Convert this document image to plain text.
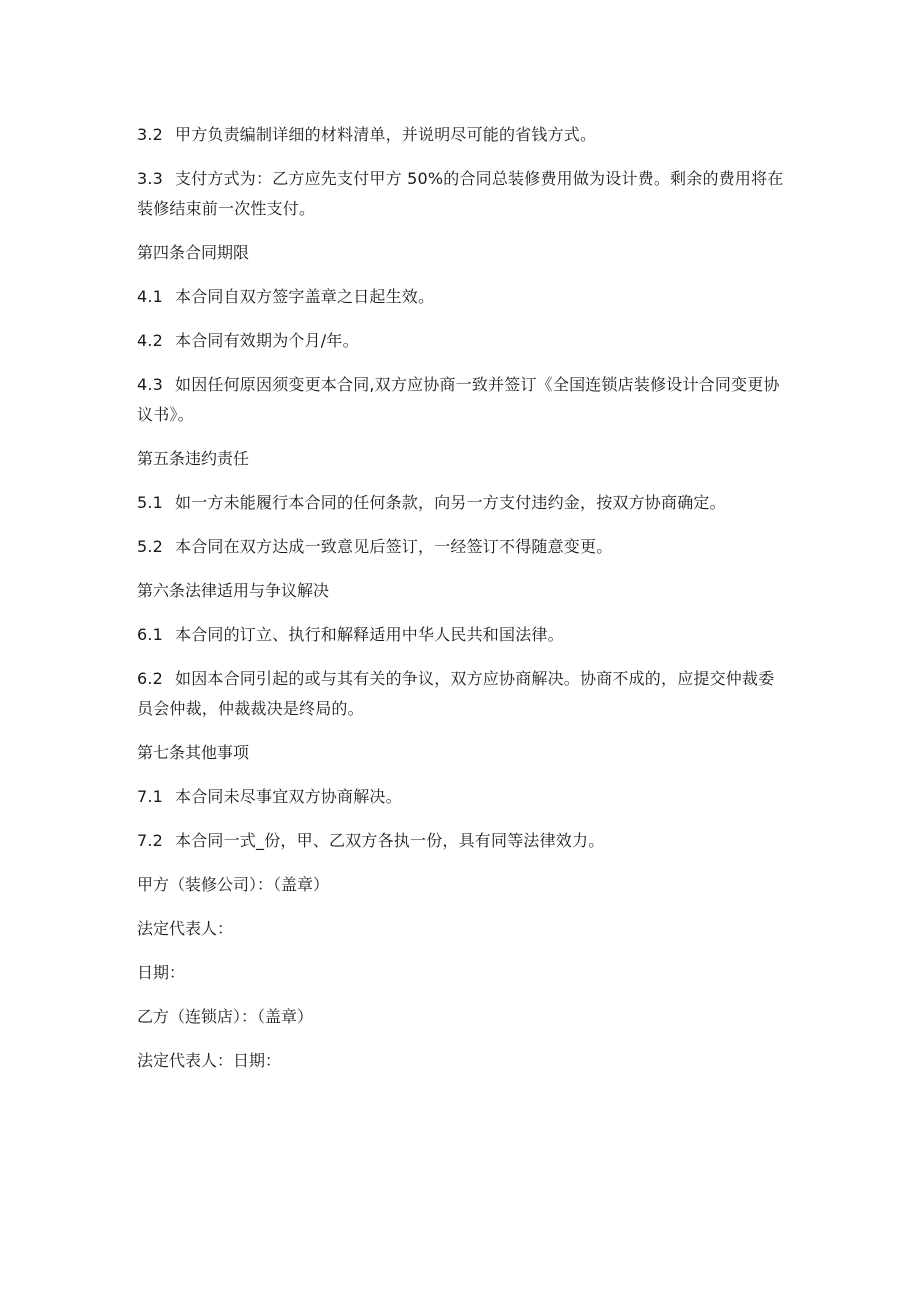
3.2 甲方负责编制详细的材料清单，并说明尽可能的省钱方式。

3.3 支付方式为：乙方应先支付甲方 50%的合同总装修费用做为设计费。剩余的费用将在装修结束前一次性支付。

第四条合同期限

4.1 本合同自双方签字盖章之日起生效。

4.2 本合同有效期为个月/年。

4.3 如因任何原因须变更本合同,双方应协商一致并签订《全国连锁店装修设计合同变更协议书》。

第五条违约责任

5.1 如一方未能履行本合同的任何条款，向另一方支付违约金，按双方协商确定。

5.2 本合同在双方达成一致意见后签订，一经签订不得随意变更。

第六条法律适用与争议解决

6.1 本合同的订立、执行和解释适用中华人民共和国法律。

6.2 如因本合同引起的或与其有关的争议，双方应协商解决。协商不成的，应提交仲裁委员会仲裁，仲裁裁决是终局的。

第七条其他事项

7.1 本合同未尽事宜双方协商解决。

7.2 本合同一式_份，甲、乙双方各执一份，具有同等法律效力。

甲方（装修公司）：（盖章）

法定代表人：

日期：

乙方（连锁店）：（盖章）

法定代表人：日期：
